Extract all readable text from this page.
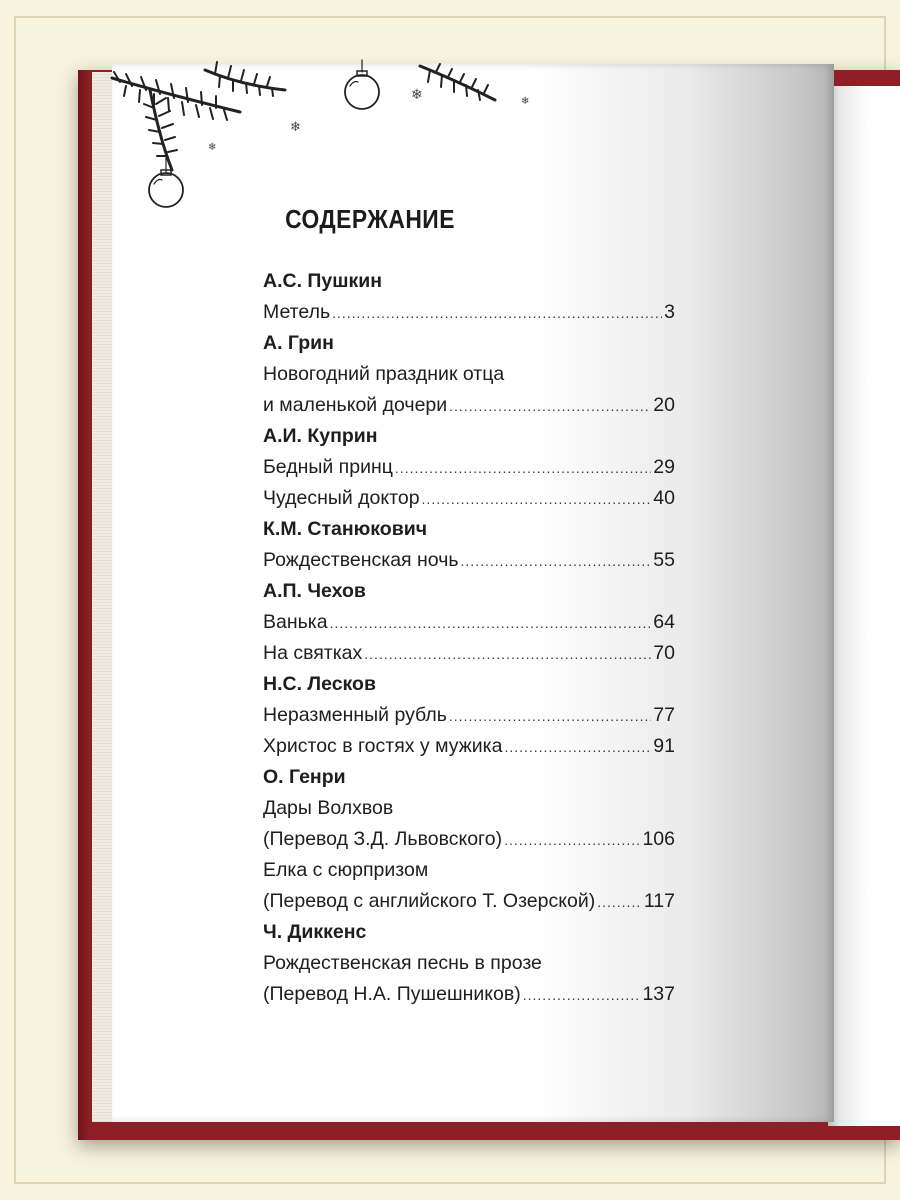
❄
❄
❄	❄
СОДЕРЖАНИЕ
А.С. Пушкин
Метель .....	3
А. Грин
Новогодний праздник отца
и маленькой дочери .....	20
А.И. Куприн
Бедный принц .....	29
Чудесный доктор .....	40
К.М. Станюкович
Рождественская ночь .....	55
А.П. Чехов
Ванька .....	64
На святках .....	70
Н.С. Лесков
Неразменный рубль .....	77
Христос в гостях у мужика .....	91
О. Генри
Дары Волхвов
(Перевод З.Д. Львовского) .....	106
Елка с сюрпризом
(Перевод с английского Т. Озерской) ..... 117
Ч. Диккенс
Рождественская песнь в прозе
(Перевод Н.А. Пушешников) .....	137
